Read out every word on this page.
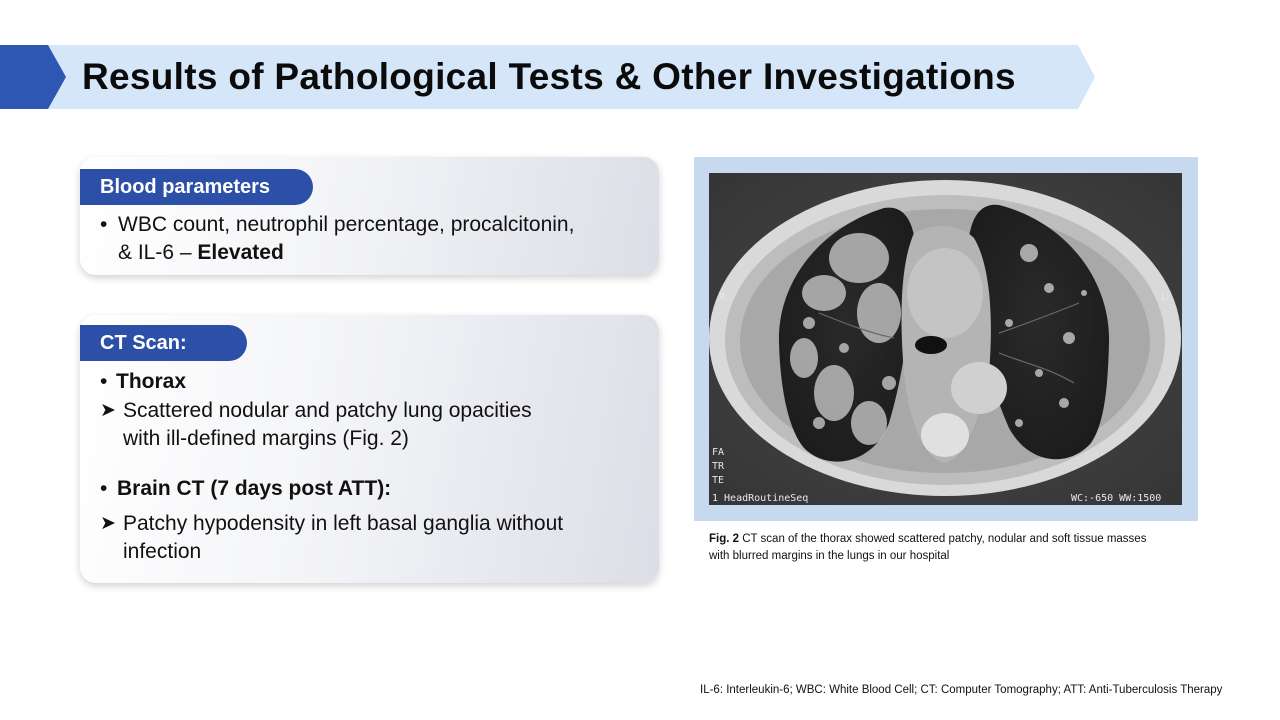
Results of Pathological Tests & Other Investigations
Blood parameters
• WBC count, neutrophil percentage, procalcitonin,
& IL-6 – Elevated
CT Scan:
• Thorax
➤ Scattered nodular and patchy lung opacities
with ill-defined margins (Fig. 2)
• Brain CT (7 days post ATT):
➤ Patchy hypodensity in left basal ganglia without
infection
R	L
FA
TR
TE
1 HeadRoutineSeq	WC:-650 WW:1500
Fig. 2 CT scan of the thorax showed scattered patchy, nodular and soft tissue masses
with blurred margins in the lungs in our hospital
IL-6: Interleukin-6; WBC: White Blood Cell; CT: Computer Tomography; ATT: Anti-Tuberculosis Therapy
